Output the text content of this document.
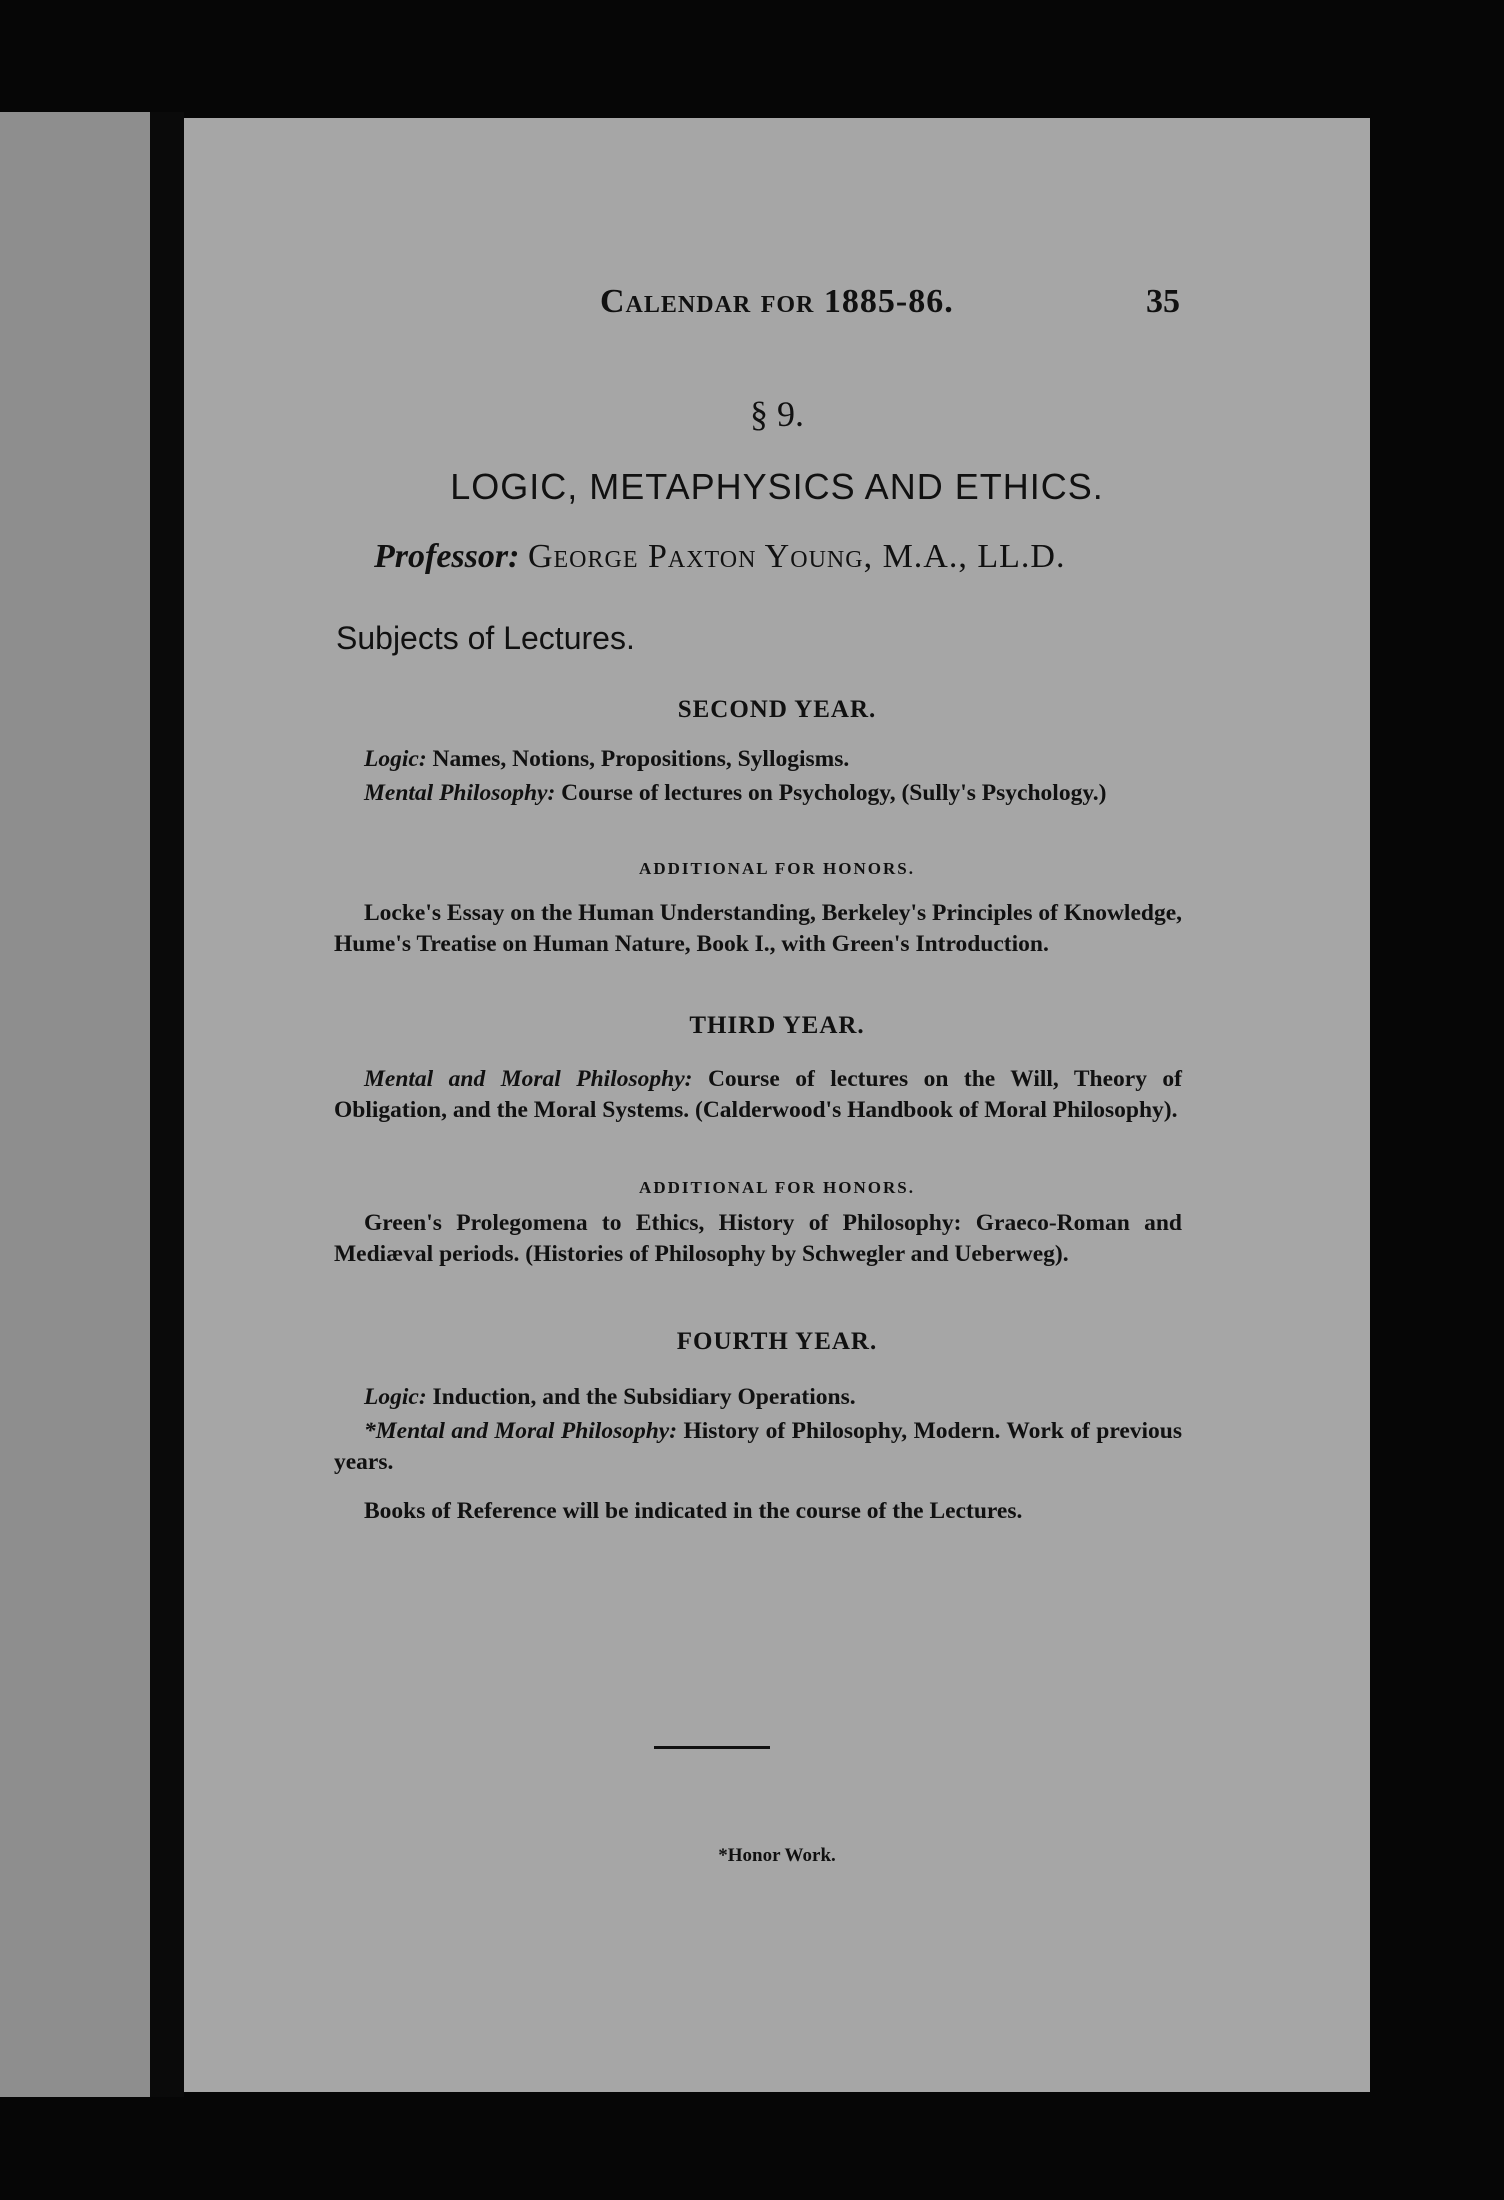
Calendar for 1885-86.	35
§ 9.
LOGIC, METAPHYSICS AND ETHICS.
Professor: George Paxton Young, M.A., LL.D.
Subjects of Lectures.
SECOND YEAR.
Logic: Names, Notions, Propositions, Syllogisms.
Mental Philosophy: Course of lectures on Psychology, (Sully's Psychology.)
ADDITIONAL FOR HONORS.
Locke's Essay on the Human Understanding, Berkeley's Principles of Knowledge, Hume's Treatise on Human Nature, Book I., with Green's Introduction.
THIRD YEAR.
Mental and Moral Philosophy: Course of lectures on the Will, Theory of Obligation, and the Moral Systems. (Calderwood's Handbook of Moral Philosophy).
ADDITIONAL FOR HONORS.
Green's Prolegomena to Ethics, History of Philosophy: Graeco-Roman and Mediæval periods. (Histories of Philosophy by Schwegler and Ueberweg).
FOURTH YEAR.
Logic: Induction, and the Subsidiary Operations.
*Mental and Moral Philosophy: History of Philosophy, Modern. Work of previous years.
Books of Reference will be indicated in the course of the Lectures.
*Honor Work.
